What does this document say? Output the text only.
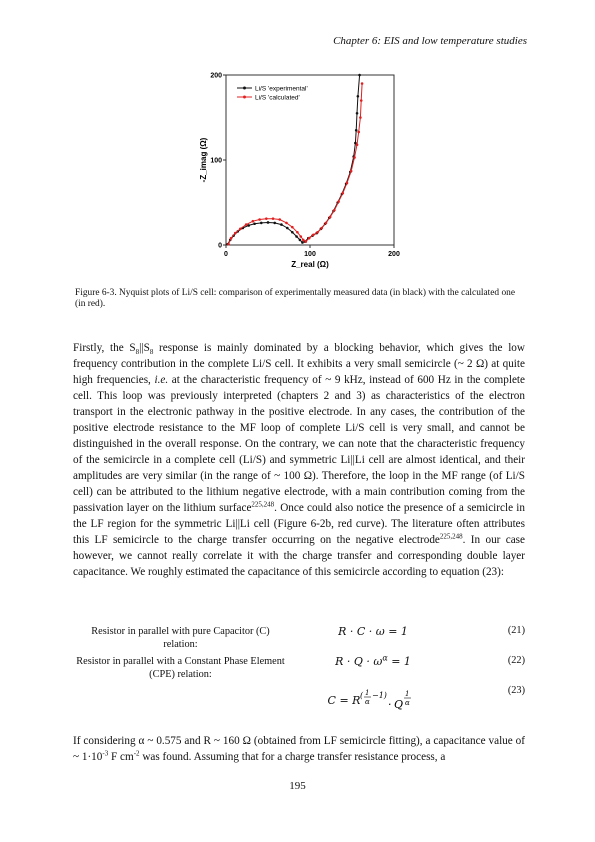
Chapter 6: EIS and low temperature studies
0
0
100
100
200
200
Z_real (Ω)
-Z_imag (Ω)
Li/S 'experimental'
Li/S 'calculated'
Figure 6-3. Nyquist plots of Li/S cell: comparison of experimentally measured data (in black) with the calculated one (in red).

Firstly, the $S_8||S_8$ response is mainly dominated by a blocking behavior, which gives the low frequency contribution in the complete Li/S cell. It exhibits a very small semicircle (~ 2 Ω) at quite high frequencies, i.e. at the characteristic frequency of ~ 9 kHz, instead of 600 Hz in the complete cell. This loop was previously interpreted (chapters 2 and 3) as characteristics of the electron transport in the electronic pathway in the positive electrode. In any cases, the contribution of the positive electrode resistance to the MF loop of complete Li/S cell is very small, and cannot be distinguished in the overall response. On the contrary, we can note that the characteristic frequency of the semicircle in a complete cell (Li/S) and symmetric Li||Li cell are almost identical, and their amplitudes are very similar (in the range of ~ 100 Ω). Therefore, the loop in the MF range (of Li/S cell) can be attributed to the lithium negative electrode, with a main contribution coming from the passivation layer on the lithium surface$^{225,248}$. Once could also notice the presence of a semicircle in the LF region for the symmetric Li||Li cell (Figure 6-2b, red curve). The literature often attributes this LF semicircle to the charge transfer occurring on the negative electrode$^{225,248}$. In our case however, we cannot really correlate it with the charge transfer and corresponding double layer capacitance. We roughly estimated the capacitance of this semicircle according to equation (23):

Resistor in parallel with pure Capacitor (C) relation:
R · C · ω = 1	(21)
Resistor in parallel with a Constant Phase Element (CPE) relation:
$R \cdot Q \cdot \omega^\alpha = 1$	(22)
C = R ( 1
α
−1)
· Q
1
α
(23)
If considering α ~ 0.575 and R ~ 160 Ω (obtained from LF semicircle fitting), a capacitance value of ~ $1\cdot 10^{-3}$ F $cm^{-2}$ was found. Assuming that for a charge transfer resistance process, a
195
